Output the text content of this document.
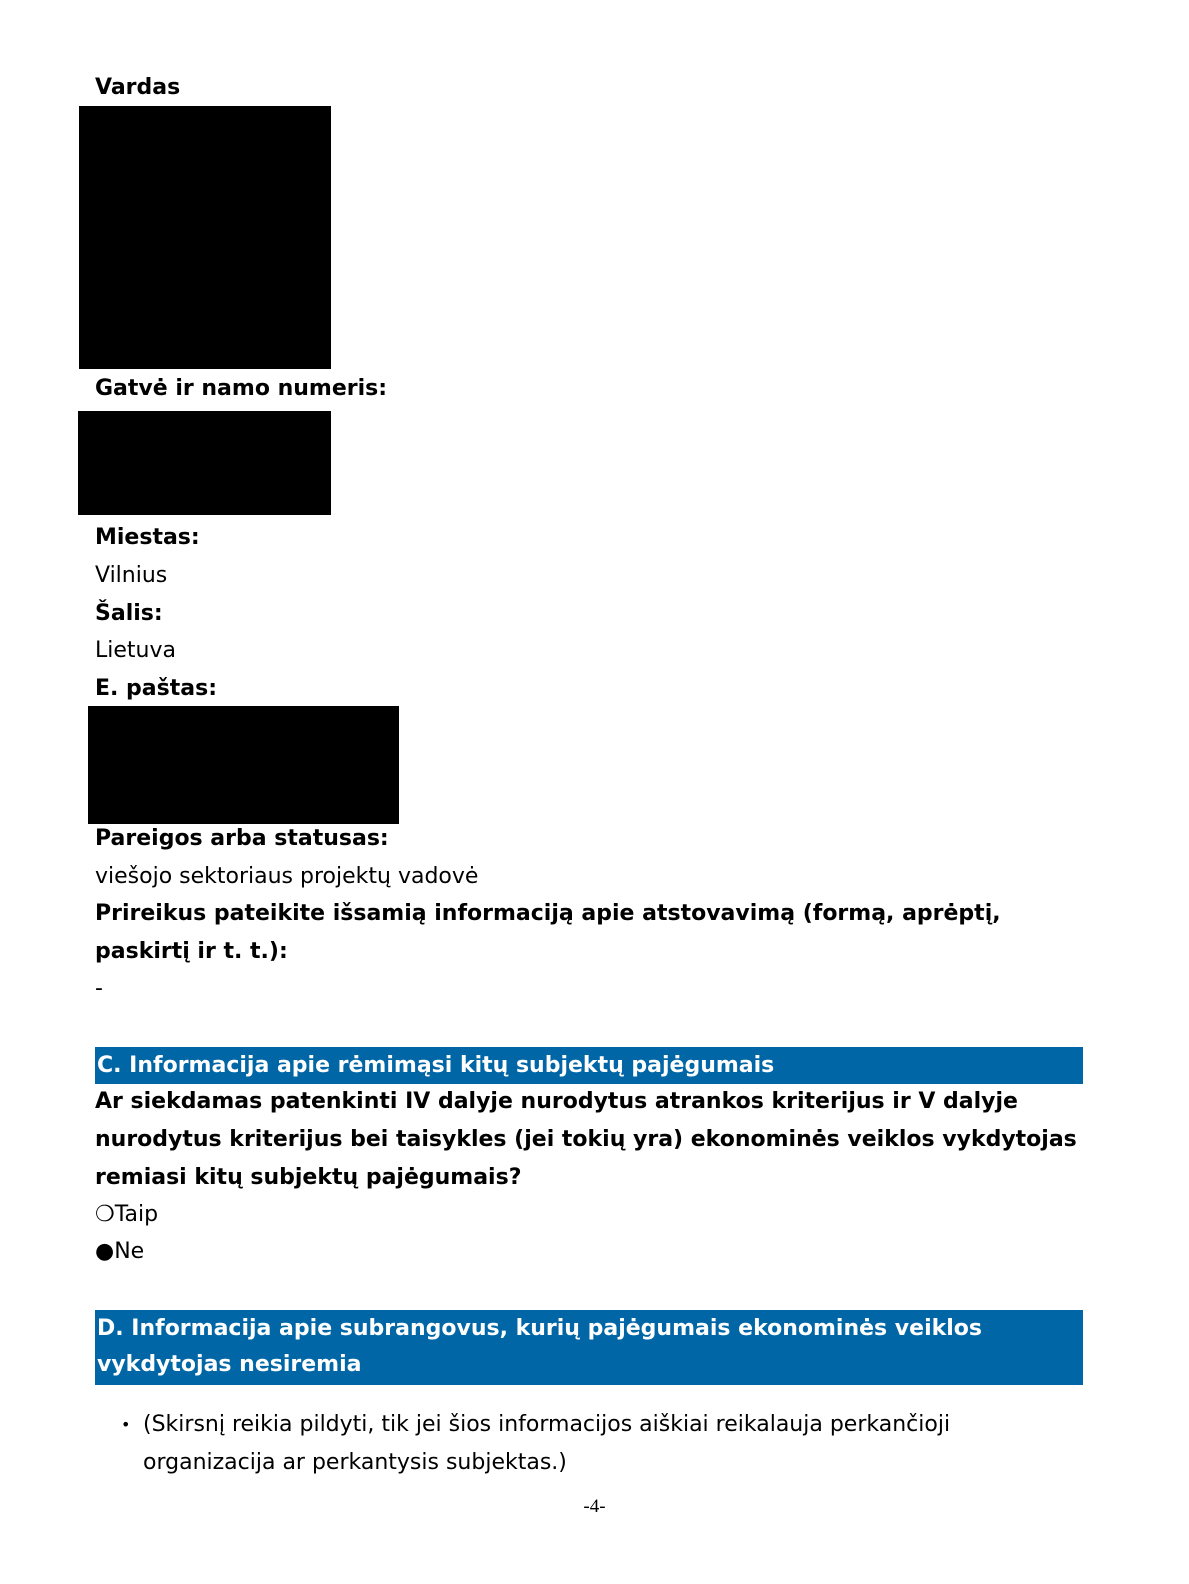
Vardas
Gatvė ir namo numeris:
Miestas:
Vilnius
Šalis:
Lietuva
E. paštas:
Pareigos arba statusas:
viešojo sektoriaus projektų vadovė
Prireikus pateikite išsamią informaciją apie atstovavimą (formą, aprėptį, paskirtį ir t. t.):
-
C. Informacija apie rėmimąsi kitų subjektų pajėgumais
Ar siekdamas patenkinti IV dalyje nurodytus atrankos kriterijus ir V dalyje nurodytus kriterijus bei taisykles (jei tokių yra) ekonominės veiklos vykdytojas remiasi kitų subjektų pajėgumais?
❍Taip
●Ne
D. Informacija apie subrangovus, kurių pajėgumais ekonominės veiklos vykdytojas nesiremia
• (Skirsnį reikia pildyti, tik jei šios informacijos aiškiai reikalauja perkančioji organizacija ar perkantysis subjektas.)
-4-
